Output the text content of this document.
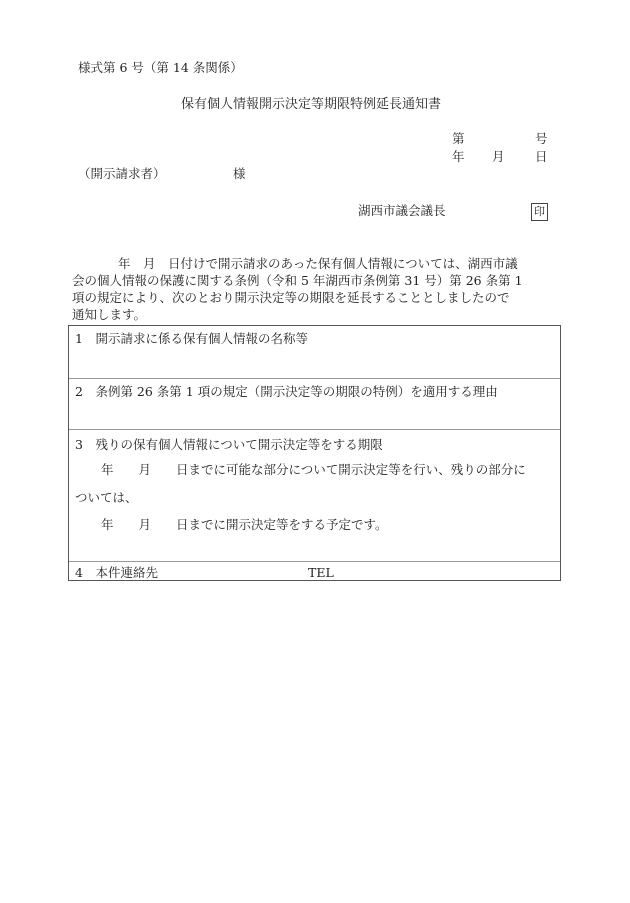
様式第 6 号（第 14 条関係）
保有個人情報開示決定等期限特例延長通知書
第	号
年 月 日
（開示請求者）	様
湖西市議会議長	印
年　月　日付けで開示請求のあった保有個人情報については、湖西市議
会の個人情報の保護に関する条例（令和 5 年湖西市条例第 31 号）第 26 条第 1
項の規定により、次のとおり開示決定等の期限を延長することとしましたので
通知します。
1　開示請求に係る保有個人情報の名称等
2　条例第 26 条第 1 項の規定（開示決定等の期限の特例）を適用する理由
3　残りの保有個人情報について開示決定等をする期限
年　　月　　日までに可能な部分について開示決定等を行い、残りの部分に
ついては、
年　　月　　日までに開示決定等をする予定です。
4　本件連絡先	TEL
